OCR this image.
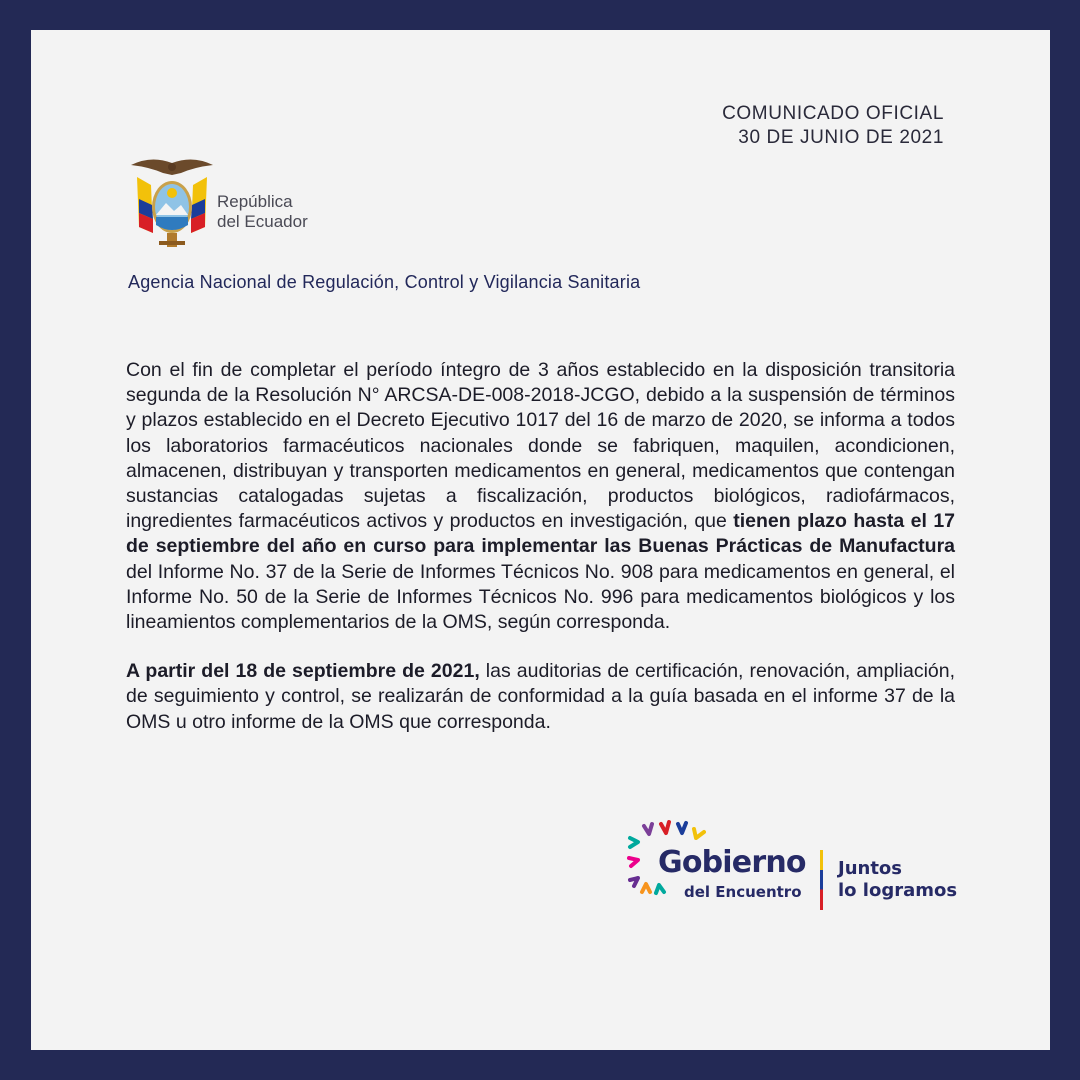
COMUNICADO OFICIAL
30 DE JUNIO DE 2021
República
del Ecuador
Agencia Nacional de Regulación, Control y Vigilancia Sanitaria

Con el fin de completar el período íntegro de 3 años establecido en la disposición transitoria segunda de la Resolución N° ARCSA-DE-008-2018-JCGO, debido a la suspensión de términos y plazos establecido en el Decreto Ejecutivo 1017 del 16 de marzo de 2020, se informa a todos los laboratorios farmacéuticos nacionales donde se fabriquen, maquilen, acondicionen, almacenen, distribuyan y transporten medicamentos en general, medicamentos que contengan sustancias catalogadas sujetas a fiscalización, productos biológicos, radiofármacos, ingredientes farmacéuticos activos y productos en investigación, que tienen plazo hasta el 17 de septiembre del año en curso para implementar las Buenas Prácticas de Manufactura del Informe No. 37 de la Serie de Informes Técnicos No. 908 para medicamentos en general, el Informe No. 50 de la Serie de Informes Técnicos No. 996 para medicamentos biológicos y los lineamientos complementarios de la OMS, según corresponda.

A partir del 18 de septiembre de 2021, las auditorias de certificación, renovación, ampliación, de seguimiento y control, se realizarán de conformidad a la guía basada en el informe 37 de la OMS u otro informe de la OMS que corresponda.

Gobierno
del Encuentro
Juntos
lo logramos
